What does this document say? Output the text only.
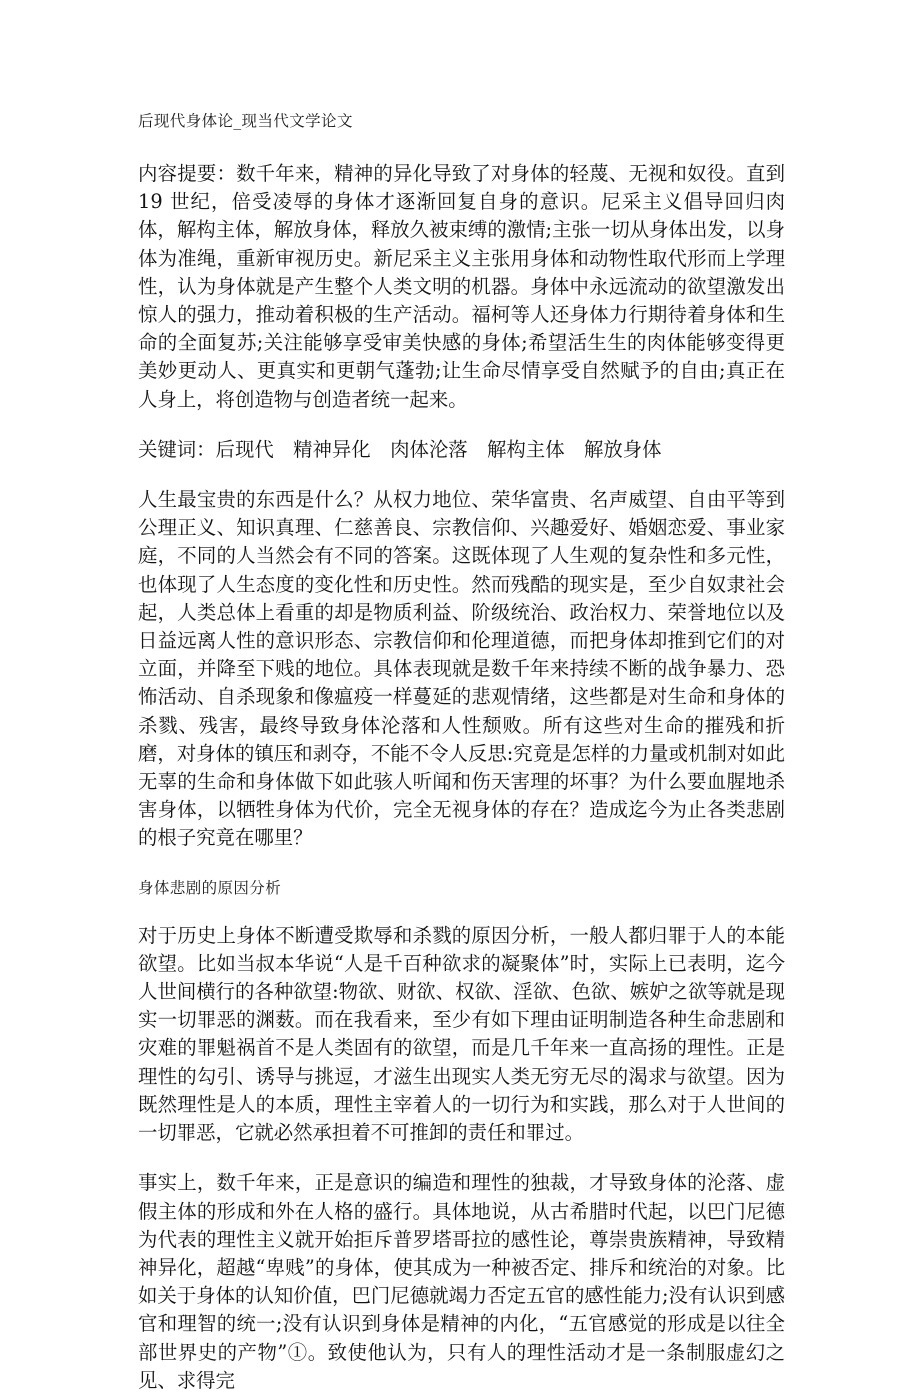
后现代身体论_现当代文学论文

内容提要：数千年来，精神的异化导致了对身体的轻蔑、无视和奴役。直到 19 世纪，倍受凌辱的身体才逐渐回复自身的意识。尼采主义倡导回归肉体，解构主体，解放身体，释放久被束缚的激情;主张一切从身体出发，以身体为准绳，重新审视历史。新尼采主义主张用身体和动物性取代形而上学理性，认为身体就是产生整个人类文明的机器。身体中永远流动的欲望激发出惊人的强力，推动着积极的生产活动。福柯等人还身体力行期待着身体和生命的全面复苏;关注能够享受审美快感的身体;希望活生生的肉体能够变得更美妙更动人、更真实和更朝气蓬勃;让生命尽情享受自然赋予的自由;真正在人身上，将创造物与创造者统一起来。

关键词：后现代　精神异化　肉体沦落　解构主体　解放身体

人生最宝贵的东西是什么？从权力地位、荣华富贵、名声威望、自由平等到公理正义、知识真理、仁慈善良、宗教信仰、兴趣爱好、婚姻恋爱、事业家庭，不同的人当然会有不同的答案。这既体现了人生观的复杂性和多元性，也体现了人生态度的变化性和历史性。然而残酷的现实是，至少自奴隶社会起，人类总体上看重的却是物质利益、阶级统治、政治权力、荣誉地位以及日益远离人性的意识形态、宗教信仰和伦理道德，而把身体却推到它们的对立面，并降至下贱的地位。具体表现就是数千年来持续不断的战争暴力、恐怖活动、自杀现象和像瘟疫一样蔓延的悲观情绪，这些都是对生命和身体的杀戮、残害，最终导致身体沦落和人性颓败。所有这些对生命的摧残和折磨，对身体的镇压和剥夺，不能不令人反思:究竟是怎样的力量或机制对如此无辜的生命和身体做下如此骇人听闻和伤天害理的坏事？为什么要血腥地杀害身体，以牺牲身体为代价，完全无视身体的存在？造成迄今为止各类悲剧的根子究竟在哪里？

身体悲剧的原因分析

对于历史上身体不断遭受欺辱和杀戮的原因分析，一般人都归罪于人的本能欲望。比如当叔本华说“人是千百种欲求的凝聚体”时，实际上已表明，迄今人世间横行的各种欲望:物欲、财欲、权欲、淫欲、色欲、嫉妒之欲等就是现实一切罪恶的渊薮。而在我看来，至少有如下理由证明制造各种生命悲剧和灾难的罪魁祸首不是人类固有的欲望，而是几千年来一直高扬的理性。正是理性的勾引、诱导与挑逗，才滋生出现实人类无穷无尽的渴求与欲望。因为既然理性是人的本质，理性主宰着人的一切行为和实践，那么对于人世间的一切罪恶，它就必然承担着不可推卸的责任和罪过。

事实上，数千年来，正是意识的编造和理性的独裁，才导致身体的沦落、虚假主体的形成和外在人格的盛行。具体地说，从古希腊时代起，以巴门尼德为代表的理性主义就开始拒斥普罗塔哥拉的感性论，尊崇贵族精神，导致精神异化，超越“卑贱”的身体，使其成为一种被否定、排斥和统治的对象。比如关于身体的认知价值，巴门尼德就竭力否定五官的感性能力;没有认识到感官和理智的统一;没有认识到身体是精神的内化，“五官感觉的形成是以往全部世界史的产物”①。致使他认为，只有人的理性活动才是一条制服虚幻之见、求得完
